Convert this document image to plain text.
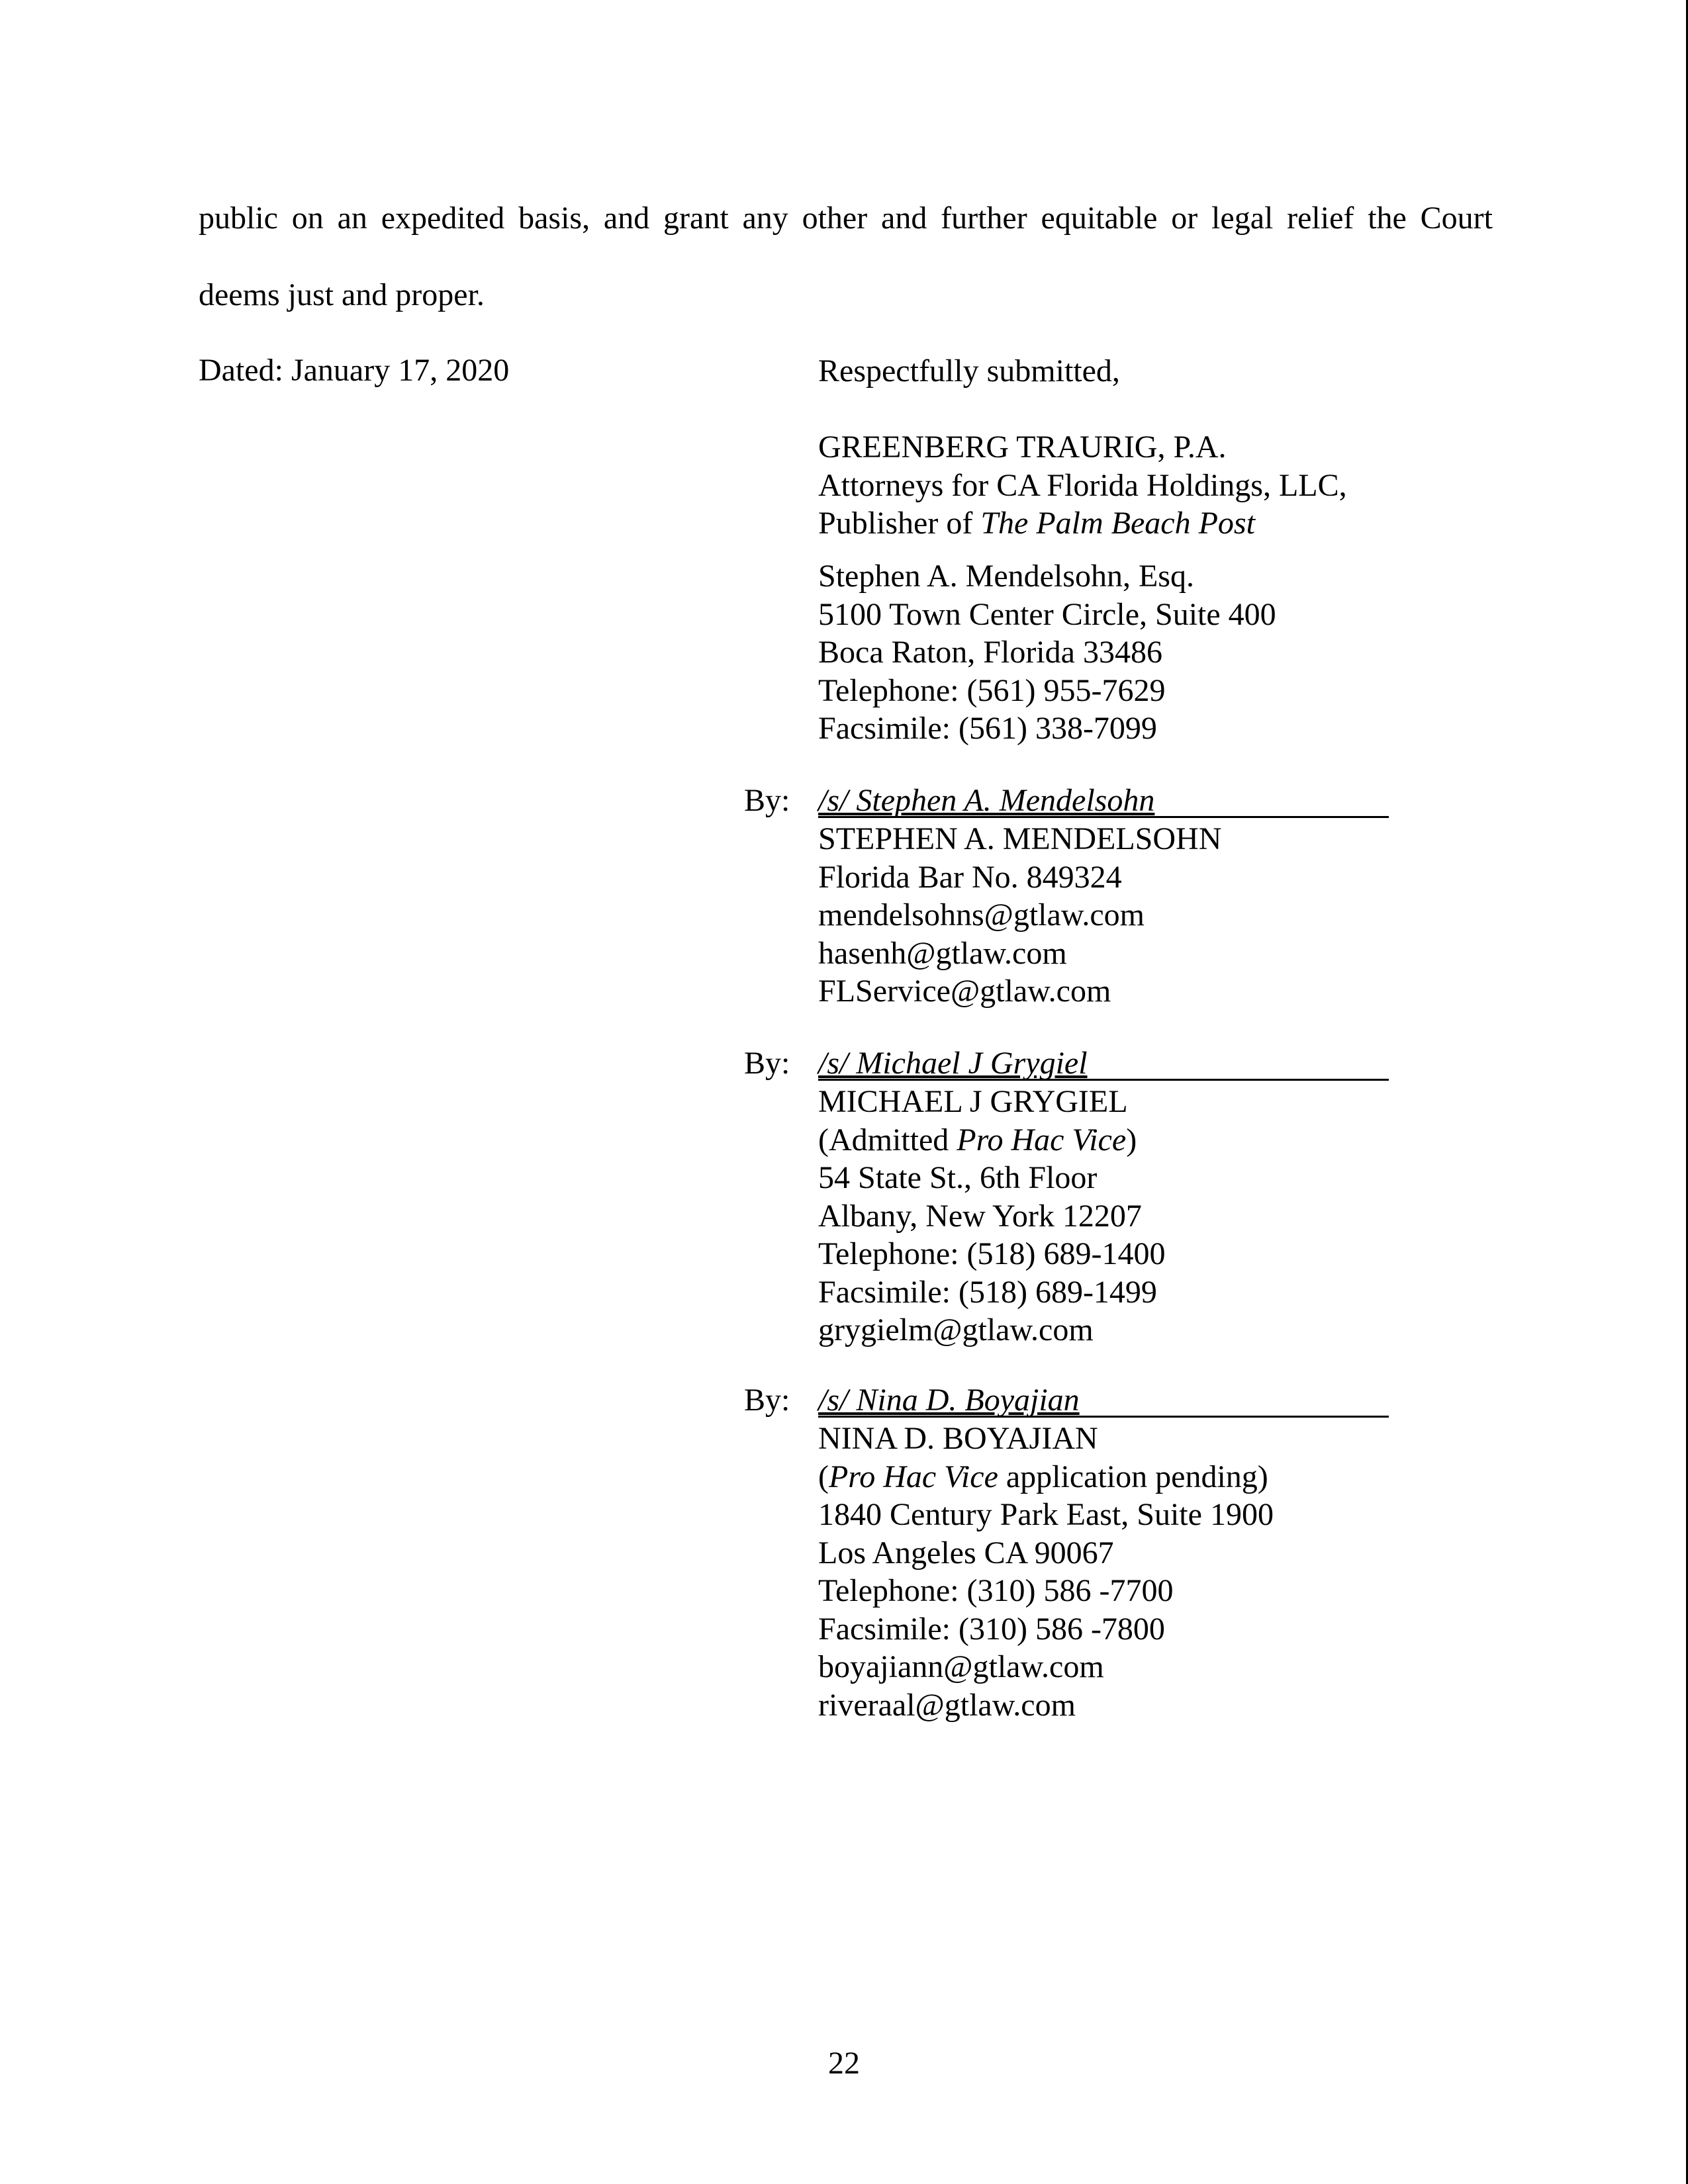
public on an expedited basis, and grant any other and further equitable or legal relief the Court

deems just and proper.

Dated: January 17, 2020	Respectfully submitted,
GREENBERG TRAURIG, P.A.
Attorneys for CA Florida Holdings, LLC,
Publisher of The Palm Beach Post
Stephen A. Mendelsohn, Esq.
5100 Town Center Circle, Suite 400
Boca Raton, Florida 33486
Telephone: (561) 955-7629
Facsimile: (561) 338-7099
By: /s/ Stephen A. Mendelsohn
STEPHEN A. MENDELSOHN
Florida Bar No. 849324
mendelsohns@gtlaw.com
hasenh@gtlaw.com
FLService@gtlaw.com
By: /s/ Michael J Grygiel
MICHAEL J GRYGIEL
(Admitted Pro Hac Vice)
54 State St., 6th Floor
Albany, New York 12207
Telephone: (518) 689-1400
Facsimile: (518) 689-1499
grygielm@gtlaw.com
By: /s/ Nina D. Boyajian
NINA D. BOYAJIAN
(Pro Hac Vice application pending)
1840 Century Park East, Suite 1900
Los Angeles CA 90067
Telephone: (310) 586 -7700
Facsimile: (310) 586 -7800
boyajiann@gtlaw.com
riveraal@gtlaw.com
22
